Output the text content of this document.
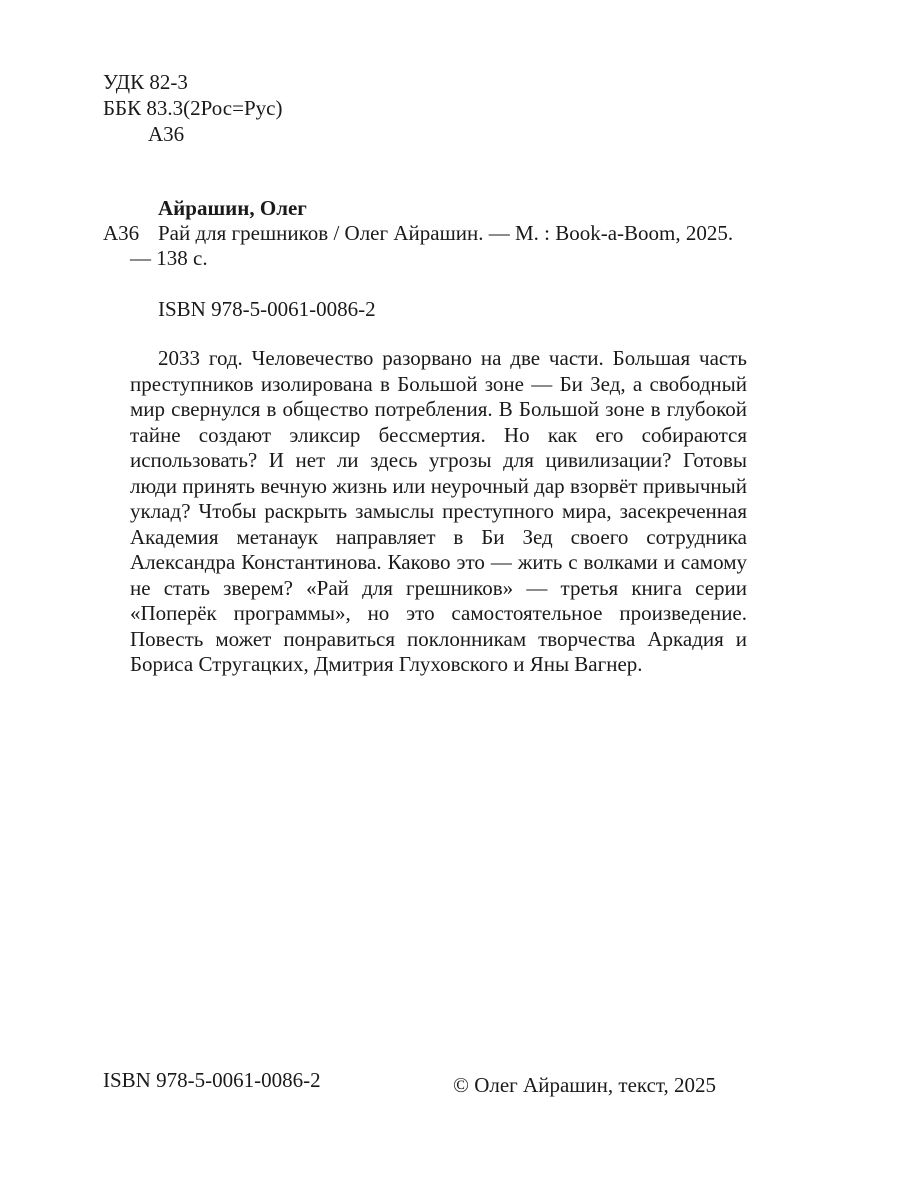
УДК 82-3
ББК 83.3(2Рос=Рус)
А36
Айрашин, Олег
А36 Рай для грешников / Олег Айрашин. — М. : Book-a-Boom, 2025. — 138 с.

ISBN 978-5-0061-0086-2

2033 год. Человечество разорвано на две части. Большая часть преступников изолирована в Большой зоне — Би Зед, а свободный мир свернулся в общество потребления. В Большой зоне в глубокой тайне создают эликсир бессмертия. Но как его собираются использовать? И нет ли здесь угрозы для цивилизации? Готовы люди принять вечную жизнь или неурочный дар взорвёт привычный уклад? Чтобы раскрыть замыслы преступного мира, засекреченная Академия метанаук направляет в Би Зед своего сотрудника Александра Константинова. Каково это — жить с волками и самому не стать зверем? «Рай для грешников» — третья книга серии «Поперёк программы», но это самостоятельное произведение. Повесть может понравиться поклонникам творчества Аркадия и Бориса Стругацких, Дмитрия Глуховского и Яны Вагнер.

ISBN 978-5-0061-0086-2	© Олег Айрашин, текст, 2025
